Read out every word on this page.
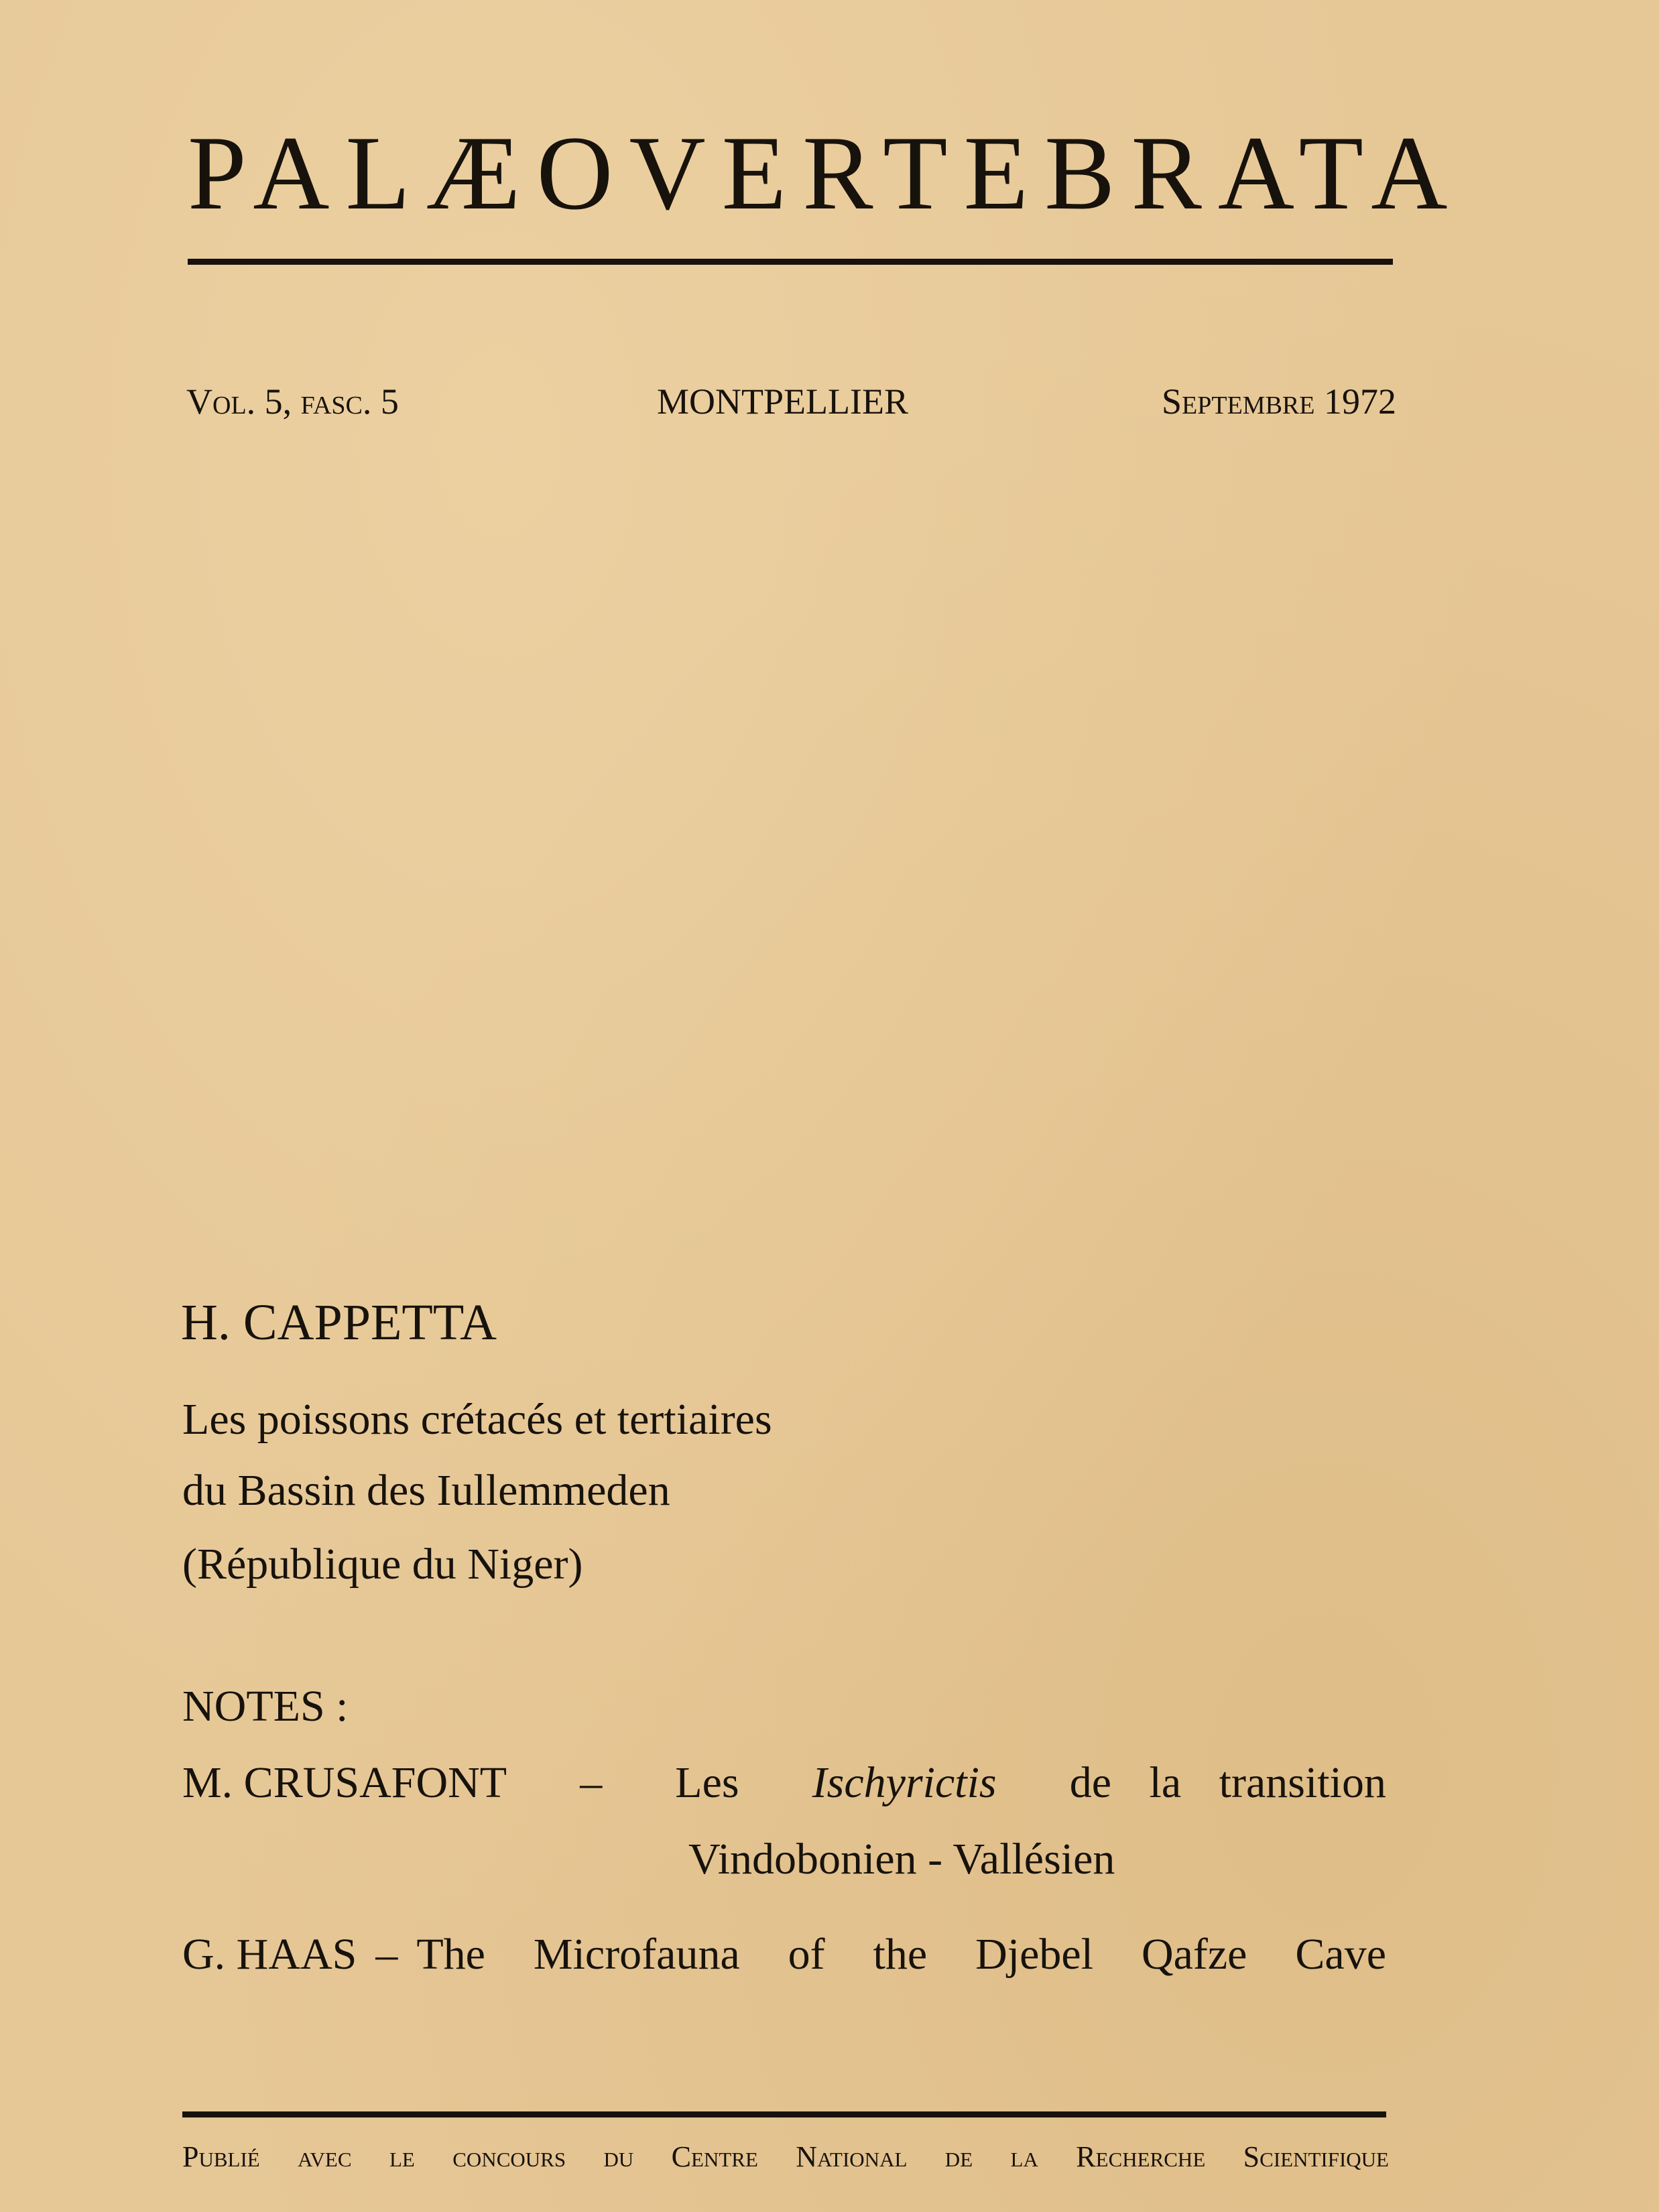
PALÆOVERTEBRATA
Vol. 5, fasc. 5	MONTPELLIER	Septembre 1972
H. CAPPETTA
Les poissons crétacés et tertiaires
du Bassin des Iullemmeden
(République du Niger)
NOTES :
M. CRUSAFONT – Les Ischyrictis de la transition
Vindobonien - Vallésien
G. HAAS – The Microfauna of the Djebel Qafze Cave
Publié avec le concours du Centre National de la Recherche Scientifique
